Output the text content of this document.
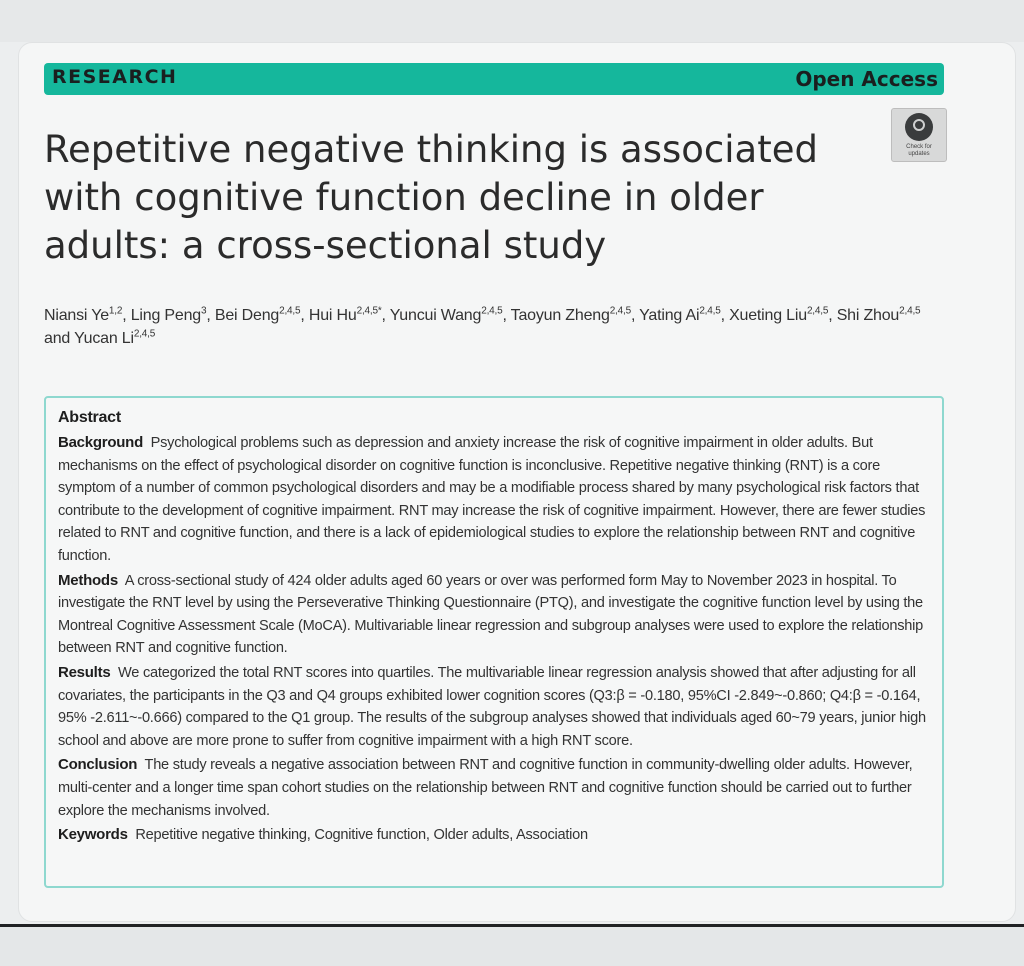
RESEARCH	Open Access
Check for
updates
Repetitive negative thinking is associated with cognitive function decline in older adults: a cross-sectional study
Niansi Ye$^{1,2}$, Ling Peng$^3$, Bei Deng$^{2,4,5}$, Hui $Hu^{2,4,5*}$, Yuncui Wang$^{2,4,5}$, Taoyun Zheng$^{2,4,5}$, Yating Ai$^{2,4,5}$, Xueting Liu$^{2,4,5}$, Shi Zhou$^{2,4,5}$ and Yucan Li$^{2,4,5}$
Abstract
Background Psychological problems such as depression and anxiety increase the risk of cognitive impairment in older adults. But mechanisms on the effect of psychological disorder on cognitive function is inconclusive. Repetitive negative thinking (RNT) is a core symptom of a number of common psychological disorders and may be a modifiable process shared by many psychological risk factors that contribute to the development of cognitive impairment. RNT may increase the risk of cognitive impairment. However, there are fewer studies related to RNT and cognitive function, and there is a lack of epidemiological studies to explore the relationship between RNT and cognitive function.
Methods A cross-sectional study of 424 older adults aged 60 years or over was performed form May to November 2023 in hospital. To investigate the RNT level by using the Perseverative Thinking Questionnaire (PTQ), and investigate the cognitive function level by using the Montreal Cognitive Assessment Scale (MoCA). Multivariable linear regression and subgroup analyses were used to explore the relationship between RNT and cognitive function.
Results We categorized the total RNT scores into quartiles. The multivariable linear regression analysis showed that after adjusting for all covariates, the participants in the Q3 and Q4 groups exhibited lower cognition scores (Q3:β = -0.180, 95%CI -2.849~-0.860; Q4:β = -0.164, 95% -2.611~-0.666) compared to the Q1 group. The results of the subgroup analyses showed that individuals aged 60~79 years, junior high school and above are more prone to suffer from cognitive impairment with a high RNT score.
Conclusion The study reveals a negative association between RNT and cognitive function in community-dwelling older adults. However, multi-center and a longer time span cohort studies on the relationship between RNT and cognitive function should be carried out to further explore the mechanisms involved.
Keywords Repetitive negative thinking, Cognitive function, Older adults, Association
